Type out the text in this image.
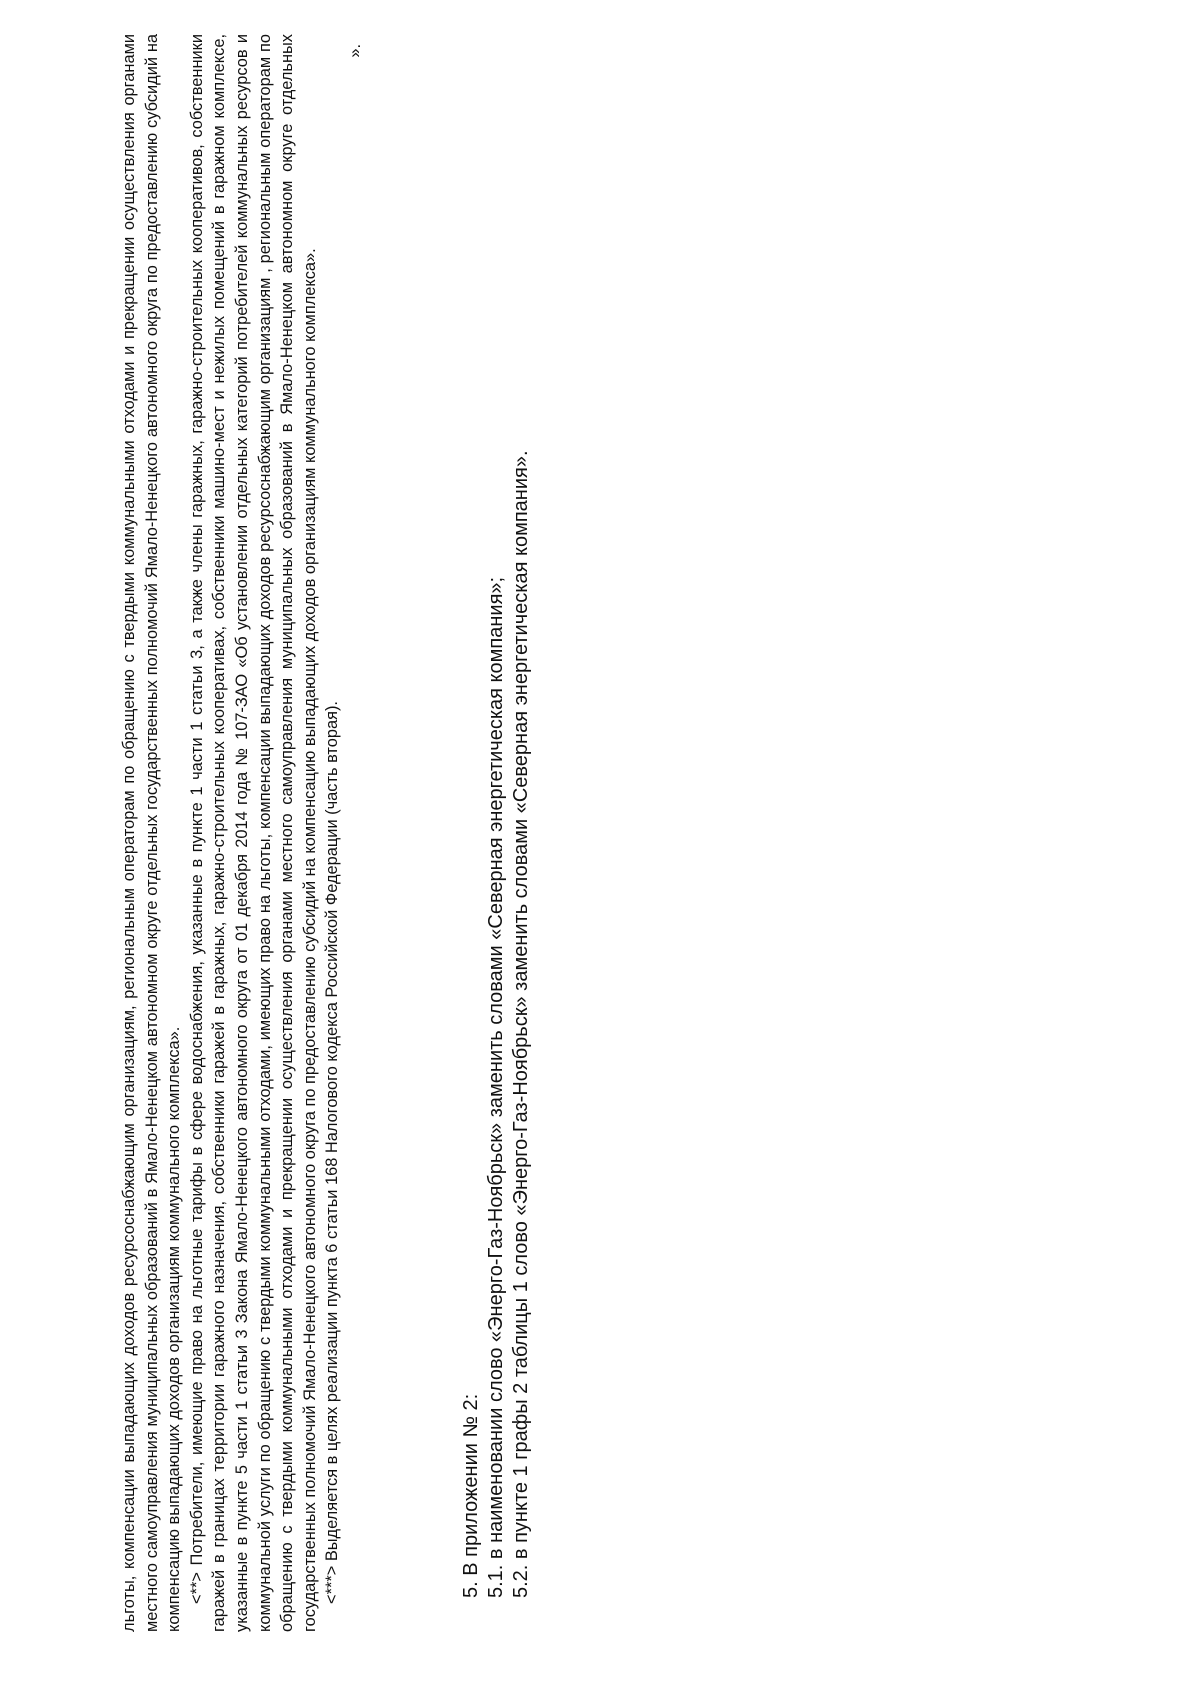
льготы, компенсации выпадающих доходов ресурсоснабжающим организациям, региональным операторам по обращению с твердыми коммунальными отходами и прекращении осуществления органами местного самоуправления муниципальных образований в Ямало-Ненецком автономном округе отдельных государственных полномочий Ямало-Ненецкого автономного округа по предоставлению субсидий на компенсацию выпадающих доходов организациям коммунального комплекса». <**> Потребители, имеющие право на льготные тарифы в сфере водоснабжения, указанные в пункте 1 части 1 статьи 3, а также члены гаражных, гаражно-строительных кооперативов, собственники гаражей в границах территории гаражного назначения, собственники гаражей в гаражных, гаражно-строительных кооперативах, собственники машино-мест и нежилых помещений в гаражном комплексе, указанные в пункте 5 части 1 статьи 3 Закона Ямало-Ненецкого автономного округа от 01 декабря 2014 года № 107-ЗАО «Об установлении отдельных категорий потребителей коммунальных ресурсов и коммунальной услуги по обращению с твердыми коммунальными отходами, имеющих право на льготы, компенсации выпадающих доходов ресурсоснабжающим организациям , региональным операторам по обращению с твердыми коммунальными отходами и прекращении осуществления органами местного самоуправления муниципальных образований в Ямало-Ненецком автономном округе отдельных государственных полномочий Ямало-Ненецкого автономного округа по предоставлению субсидий на компенсацию выпадающих доходов организациям коммунального комплекса». <***> Выделяется в целях реализации пункта 6 статьи 168 Налогового кодекса Российской Федерации (часть вторая).

».

5. В приложении № 2: 5.1. в наименовании слово «Энерго-Газ-Ноябрьск» заменить словами «Северная энергетическая компания»; 5.2. в пункте 1 графы 2 таблицы 1 слово «Энерго-Газ-Ноябрьск» заменить словами «Северная энергетическая компания».
